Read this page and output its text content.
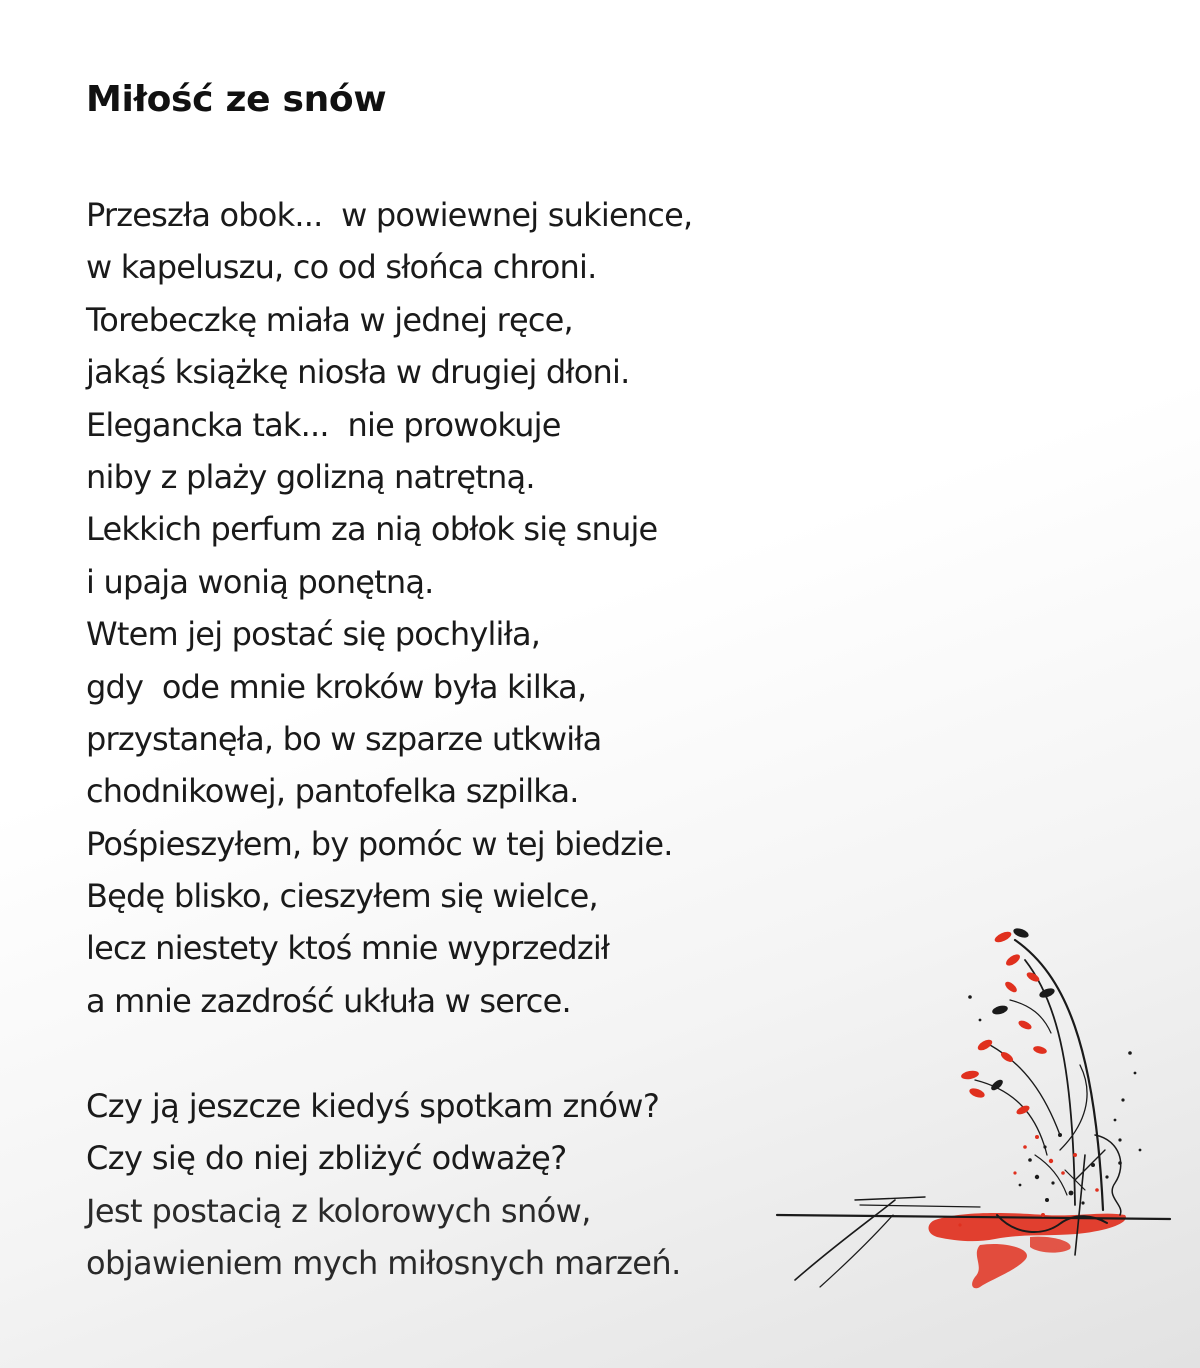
Miłość ze snów
Przeszła obok...  w powiewnej sukience,
w kapeluszu, co od słońca chroni.
Torebeczkę miała w jednej ręce,
jakąś książkę niosła w drugiej dłoni.
Elegancka tak...  nie prowokuje
niby z plaży golizną natrętną.
Lekkich perfum za nią obłok się snuje
i upaja wonią ponętną.
Wtem jej postać się pochyliła,
gdy  ode mnie kroków była kilka,
przystanęła, bo w szparze utkwiła
chodnikowej, pantofelka szpilka.
Pośpieszyłem, by pomóc w tej biedzie.
Będę blisko, cieszyłem się wielce,
lecz niestety ktoś mnie wyprzedził
a mnie zazdrość ukłuła w serce.
Czy ją jeszcze kiedyś spotkam znów?
Czy się do niej zbliżyć odważę?
Jest postacią z kolorowych snów,
objawieniem mych miłosnych marzeń.
